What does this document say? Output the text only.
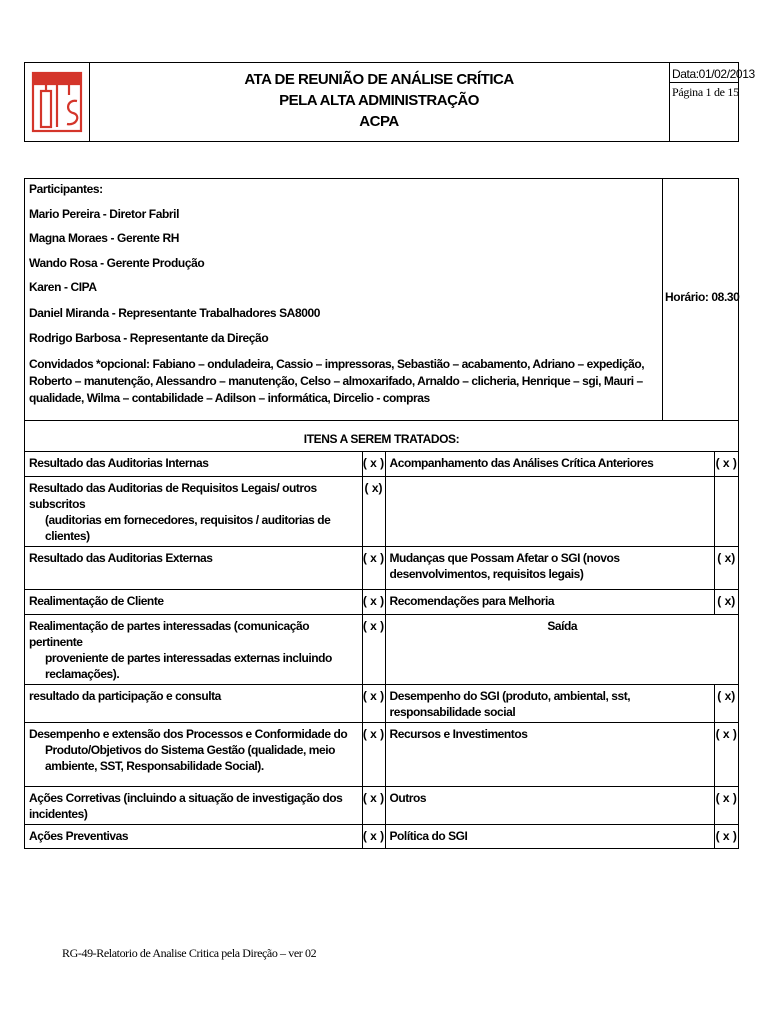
ATA DE REUNIÃO DE ANÁLISE CRÍTICA
PELA ALTA ADMINISTRAÇÃO
ACPA
Data:01/02/2013
Página 1 de 15
Participantes:
Mario Pereira - Diretor Fabril
Magna Moraes - Gerente RH
Wando Rosa - Gerente Produção
Karen - CIPA
Daniel Miranda - Representante Trabalhadores SA8000
Rodrigo Barbosa - Representante da Direção
Convidados *opcional: Fabiano – onduladeira, Cassio – impressoras, Sebastião – acabamento, Adriano – expedição, Roberto – manutenção, Alessandro – manutenção, Celso – almoxarifado, Arnaldo – clicheria, Henrique – sgi, Mauri – qualidade, Wilma – contabilidade – Adilson – informática, Dircelio - compras
Horário: 08.30
ITENS A SEREM TRATADOS:
Resultado das Auditorias Internas	( x )	Acompanhamento das Análises Crítica Anteriores	( x )
Resultado das Auditorias de Requisitos Legais/ outros subscritos
(auditorias em fornecedores, requisitos / auditorias de clientes)	( x)		
Resultado das Auditorias Externas	( x )	Mudanças que Possam Afetar o SGI (novos desenvolvimentos, requisitos legais)	( x)
Realimentação de Cliente	( x )	Recomendações para Melhoria	( x)
Realimentação de partes interessadas (comunicação pertinente
proveniente de partes interessadas externas incluindo reclamações).	( x )	Saída	
resultado da participação e consulta	( x )	Desempenho do SGI (produto, ambiental, sst, responsabilidade social	( x)
Desempenho e extensão dos Processos e Conformidade do
Produto/Objetivos do Sistema Gestão (qualidade, meio ambiente, SST, Responsabilidade Social).	( x )	Recursos e Investimentos	( x )
Ações Corretivas (incluindo a situação de investigação dos incidentes)	( x )	Outros	( x )
Ações Preventivas	( x )	Política do SGI	( x )
RG-49-Relatorio de Analise Critica pela Direção – ver 02
